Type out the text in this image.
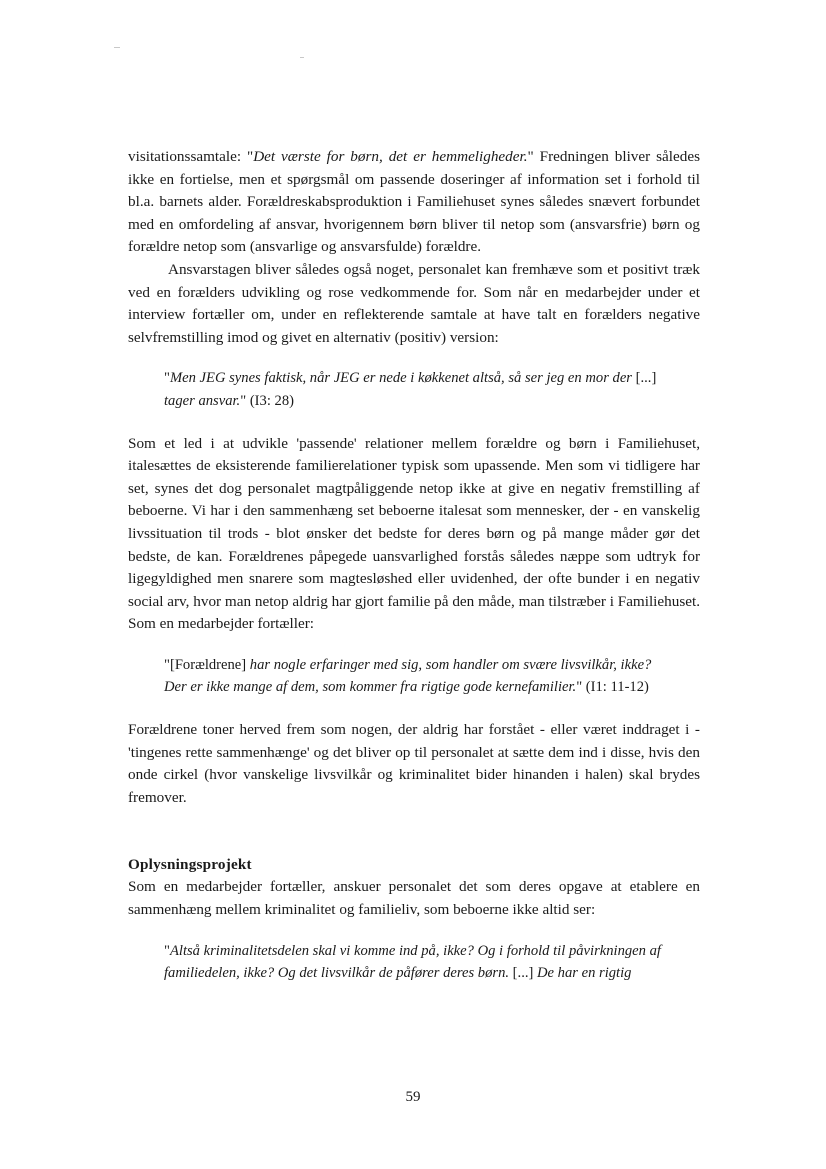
visitationssamtale: "Det værste for børn, det er hemmeligheder." Fredningen bliver således ikke en fortielse, men et spørgsmål om passende doseringer af information set i forhold til bl.a. barnets alder. Forældreskabsproduktion i Familiehuset synes således snævert forbundet med en omfordeling af ansvar, hvorigennem børn bliver til netop som (ansvarsfrie) børn og forældre netop som (ansvarlige og ansvarsfulde) forældre.

Ansvarstagen bliver således også noget, personalet kan fremhæve som et positivt træk ved en forælders udvikling og rose vedkommende for. Som når en medarbejder under et interview fortæller om, under en reflekterende samtale at have talt en forælders negative selvfremstilling imod og givet en alternativ (positiv) version:

"Men JEG synes faktisk, når JEG er nede i køkkenet altså, så ser jeg en mor der [...] tager ansvar." (I3: 28)

Som et led i at udvikle 'passende' relationer mellem forældre og børn i Familiehuset, italesættes de eksisterende familierelationer typisk som upassende. Men som vi tidligere har set, synes det dog personalet magtpåliggende netop ikke at give en negativ fremstilling af beboerne. Vi har i den sammenhæng set beboerne italesat som mennesker, der - en vanskelig livssituation til trods - blot ønsker det bedste for deres børn og på mange måder gør det bedste, de kan. Forældrenes påpegede uansvarlighed forstås således næppe som udtryk for ligegyldighed men snarere som magtesløshed eller uvidenhed, der ofte bunder i en negativ social arv, hvor man netop aldrig har gjort familie på den måde, man tilstræber i Familiehuset. Som en medarbejder fortæller:

"[Forældrene] har nogle erfaringer med sig, som handler om svære livsvilkår, ikke? Der er ikke mange af dem, som kommer fra rigtige gode kernefamilier." (I1: 11-12)

Forældrene toner herved frem som nogen, der aldrig har forstået - eller været inddraget i - 'tingenes rette sammenhænge' og det bliver op til personalet at sætte dem ind i disse, hvis den onde cirkel (hvor vanskelige livsvilkår og kriminalitet bider hinanden i halen) skal brydes fremover.

Oplysningsprojekt

Som en medarbejder fortæller, anskuer personalet det som deres opgave at etablere en sammenhæng mellem kriminalitet og familieliv, som beboerne ikke altid ser:

"Altså kriminalitetsdelen skal vi komme ind på, ikke? Og i forhold til påvirkningen af familiedelen, ikke? Og det livsvilkår de påfører deres børn. [...] De har en rigtig
59
